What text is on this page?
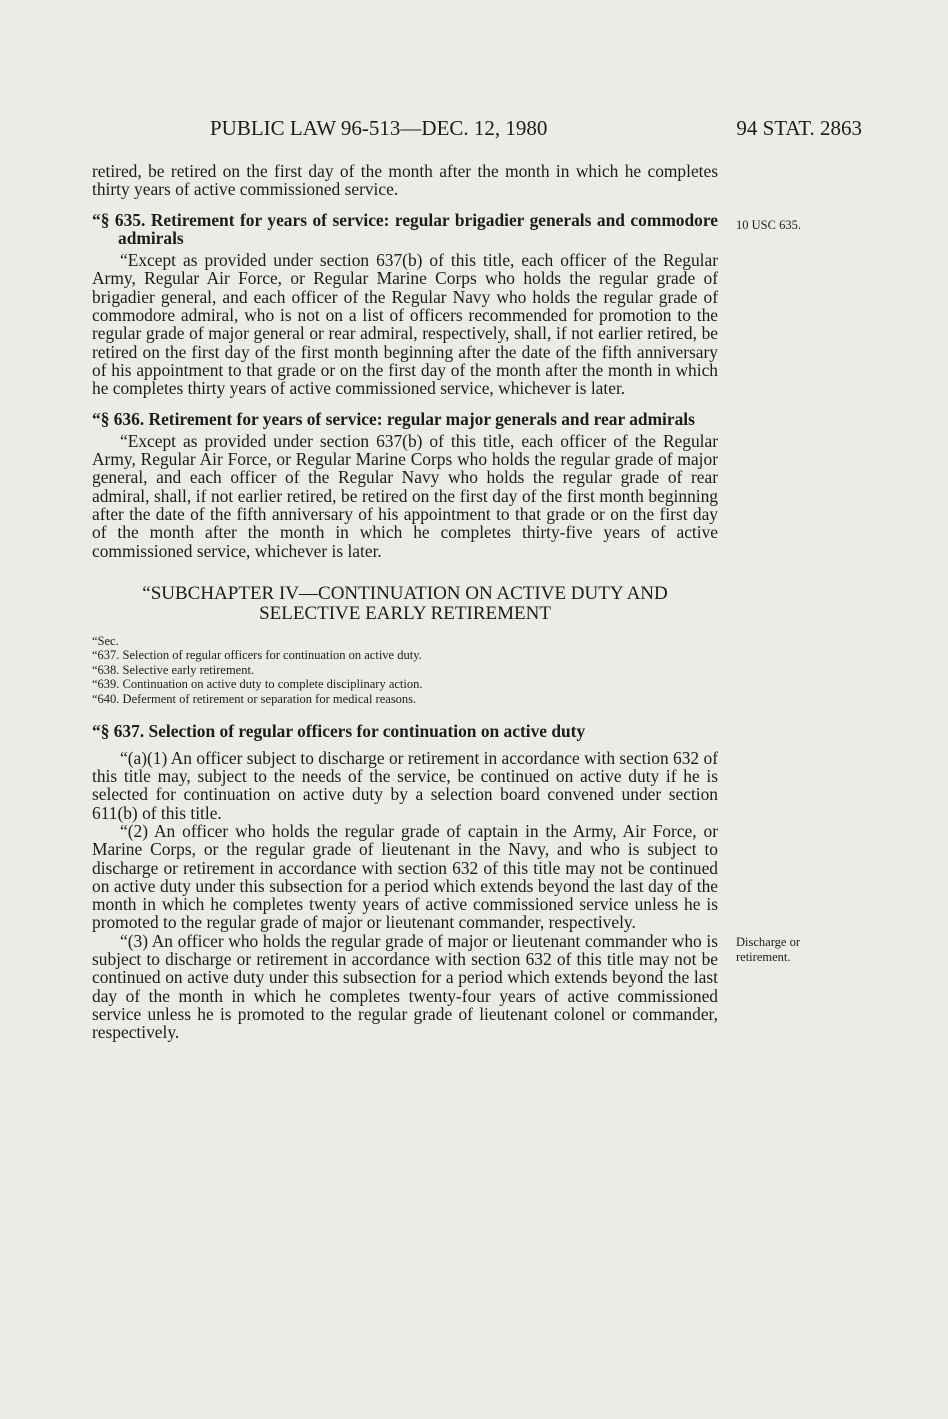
PUBLIC LAW 96-513—DEC. 12, 1980	94 STAT. 2863
10 USC 635.
Discharge or
retirement.

retired, be retired on the first day of the month after the month in which he completes thirty years of active commissioned service.

“§ 635. Retirement for years of service: regular brigadier generals and commodore admirals

“Except as provided under section 637(b) of this title, each officer of the Regular Army, Regular Air Force, or Regular Marine Corps who holds the regular grade of brigadier general, and each officer of the Regular Navy who holds the regular grade of commodore admiral, who is not on a list of officers recommended for promotion to the regular grade of major general or rear admiral, respectively, shall, if not earlier retired, be retired on the first day of the first month beginning after the date of the fifth anniversary of his appointment to that grade or on the first day of the month after the month in which he completes thirty years of active commissioned service, whichever is later.

“§ 636. Retirement for years of service: regular major generals and rear admirals

“Except as provided under section 637(b) of this title, each officer of the Regular Army, Regular Air Force, or Regular Marine Corps who holds the regular grade of major general, and each officer of the Regular Navy who holds the regular grade of rear admiral, shall, if not earlier retired, be retired on the first day of the first month beginning after the date of the fifth anniversary of his appointment to that grade or on the first day of the month after the month in which he completes thirty-five years of active commissioned service, whichever is later.

“SUBCHAPTER IV—CONTINUATION ON ACTIVE DUTY AND
SELECTIVE EARLY RETIREMENT

“Sec.
“637. Selection of regular officers for continuation on active duty.
“638. Selective early retirement.
“639. Continuation on active duty to complete disciplinary action.
“640. Deferment of retirement or separation for medical reasons.

“§ 637. Selection of regular officers for continuation on active duty

“(a)(1) An officer subject to discharge or retirement in accordance with section 632 of this title may, subject to the needs of the service, be continued on active duty if he is selected for continuation on active duty by a selection board convened under section 611(b) of this title.

“(2) An officer who holds the regular grade of captain in the Army, Air Force, or Marine Corps, or the regular grade of lieutenant in the Navy, and who is subject to discharge or retirement in accordance with section 632 of this title may not be continued on active duty under this subsection for a period which extends beyond the last day of the month in which he completes twenty years of active commissioned service unless he is promoted to the regular grade of major or lieutenant commander, respectively.

“(3) An officer who holds the regular grade of major or lieutenant commander who is subject to discharge or retirement in accordance with section 632 of this title may not be continued on active duty under this subsection for a period which extends beyond the last day of the month in which he completes twenty-four years of active commissioned service unless he is promoted to the regular grade of lieutenant colonel or commander, respectively.
